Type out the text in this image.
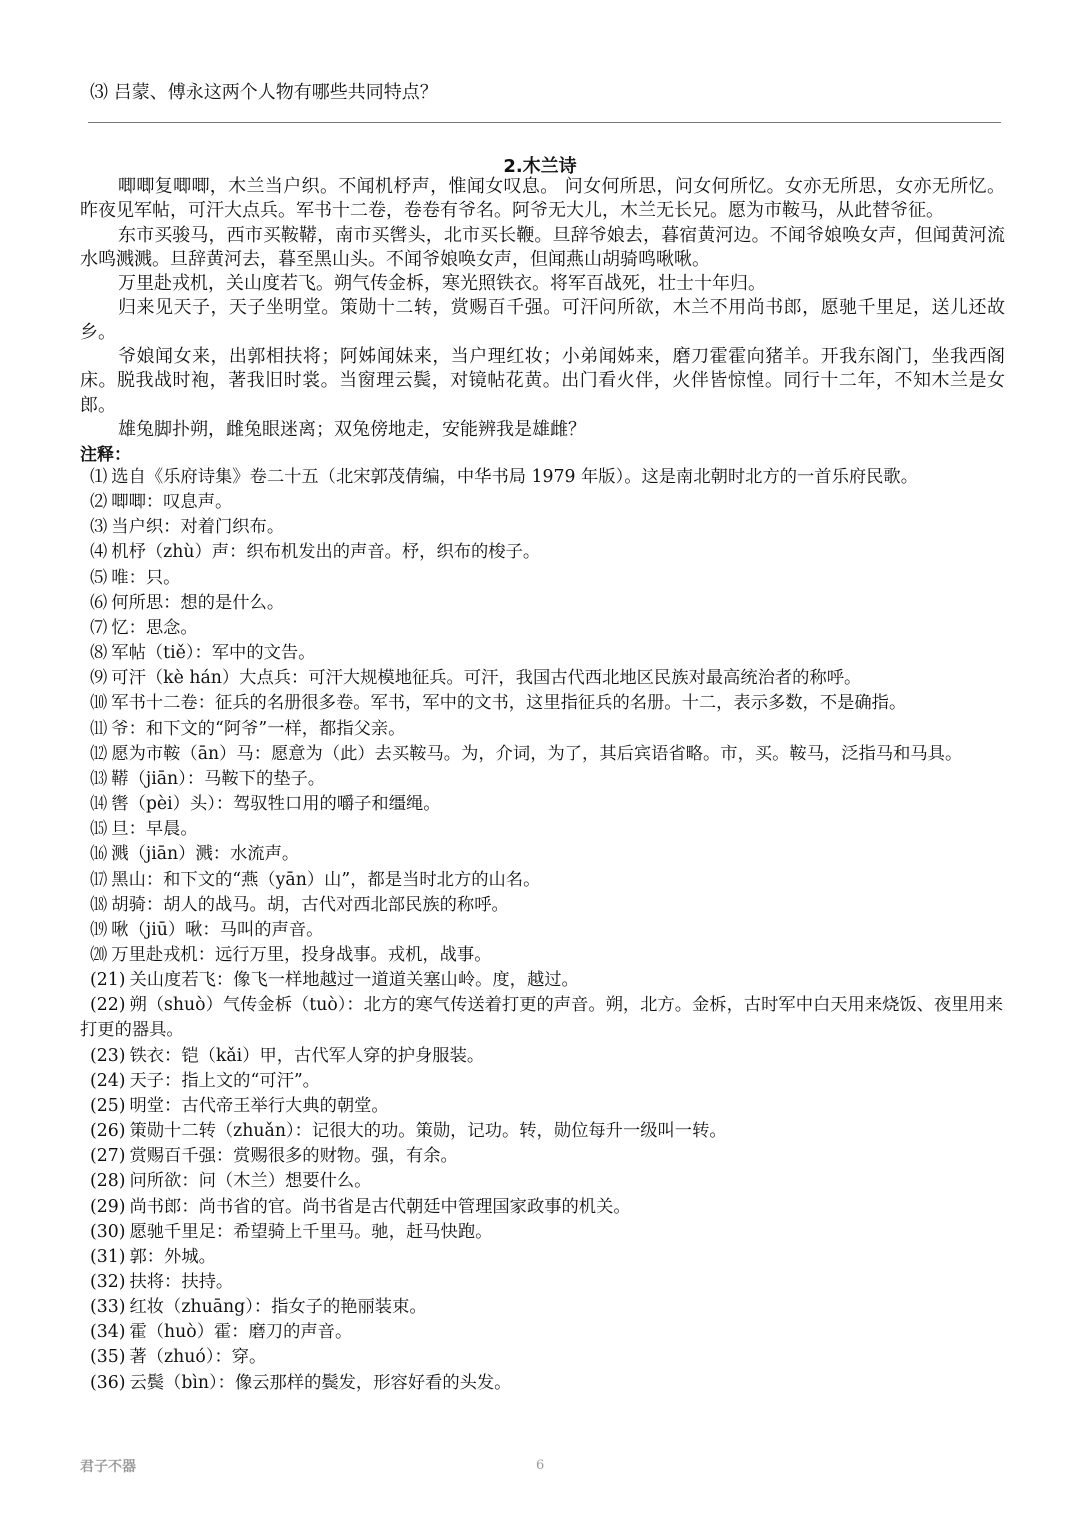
⑶ 吕蒙、傅永这两个人物有哪些共同特点？
2.木兰诗

唧唧复唧唧，木兰当户织。不闻机杼声，惟闻女叹息。 问女何所思，问女何所忆。女亦无所思，女亦无所忆。昨夜见军帖，可汗大点兵。军书十二卷，卷卷有爷名。阿爷无大儿，木兰无长兄。愿为市鞍马，从此替爷征。

东市买骏马，西市买鞍鞯，南市买辔头，北市买长鞭。旦辞爷娘去，暮宿黄河边。不闻爷娘唤女声，但闻黄河流水鸣溅溅。旦辞黄河去，暮至黑山头。不闻爷娘唤女声，但闻燕山胡骑鸣啾啾。

万里赴戎机，关山度若飞。朔气传金柝，寒光照铁衣。将军百战死，壮士十年归。

归来见天子，天子坐明堂。策勋十二转，赏赐百千强。可汗问所欲，木兰不用尚书郎，愿驰千里足，送儿还故乡。

爷娘闻女来，出郭相扶将；阿姊闻妹来，当户理红妆；小弟闻姊来，磨刀霍霍向猪羊。开我东阁门，坐我西阁床。脱我战时袍，著我旧时裳。当窗理云鬓，对镜帖花黄。出门看火伴，火伴皆惊惶。同行十二年，不知木兰是女郎。

雄兔脚扑朔，雌兔眼迷离；双兔傍地走，安能辨我是雄雌？

注释：

⑴ 选自《乐府诗集》卷二十五（北宋郭茂倩编，中华书局 1979 年版）。这是南北朝时北方的一首乐府民歌。

⑵ 唧唧：叹息声。

⑶ 当户织：对着门织布。

⑷ 机杼（zhù）声：织布机发出的声音。杼，织布的梭子。

⑸ 唯：只。

⑹ 何所思：想的是什么。

⑺ 忆：思念。

⑻ 军帖（tiě）：军中的文告。

⑼ 可汗（kè hán）大点兵：可汗大规模地征兵。可汗，我国古代西北地区民族对最高统治者的称呼。

⑽ 军书十二卷：征兵的名册很多卷。军书，军中的文书，这里指征兵的名册。十二，表示多数，不是确指。

⑾ 爷：和下文的“阿爷”一样，都指父亲。

⑿ 愿为市鞍（ān）马：愿意为（此）去买鞍马。为，介词，为了，其后宾语省略。市，买。鞍马，泛指马和马具。

⒀ 鞯（jiān）：马鞍下的垫子。

⒁ 辔（pèi）头）：驾驭牲口用的嚼子和缰绳。

⒂ 旦：早晨。

⒃ 溅（jiān）溅：水流声。

⒄ 黑山：和下文的“燕（yān）山”，都是当时北方的山名。

⒅ 胡骑：胡人的战马。胡，古代对西北部民族的称呼。

⒆ 啾（jiū）啾：马叫的声音。

⒇ 万里赴戎机：远行万里，投身战事。戎机，战事。

(21) 关山度若飞：像飞一样地越过一道道关塞山岭。度，越过。

(22) 朔（shuò）气传金柝（tuò）：北方的寒气传送着打更的声音。朔，北方。金柝，古时军中白天用来烧饭、夜里用来打更的器具。

(23) 铁衣：铠（kǎi）甲，古代军人穿的护身服装。

(24) 天子：指上文的“可汗”。

(25) 明堂：古代帝王举行大典的朝堂。

(26) 策勋十二转（zhuǎn）：记很大的功。策勋，记功。转，勋位每升一级叫一转。

(27) 赏赐百千强：赏赐很多的财物。强，有余。

(28) 问所欲：问（木兰）想要什么。

(29) 尚书郎：尚书省的官。尚书省是古代朝廷中管理国家政事的机关。

(30) 愿驰千里足：希望骑上千里马。驰，赶马快跑。

(31) 郭：外城。

(32) 扶将：扶持。

(33) 红妆（zhuāng）：指女子的艳丽装束。

(34) 霍（huò）霍：磨刀的声音。

(35) 著（zhuó）：穿。

(36) 云鬓（bìn）：像云那样的鬓发，形容好看的头发。

君子不器	6
